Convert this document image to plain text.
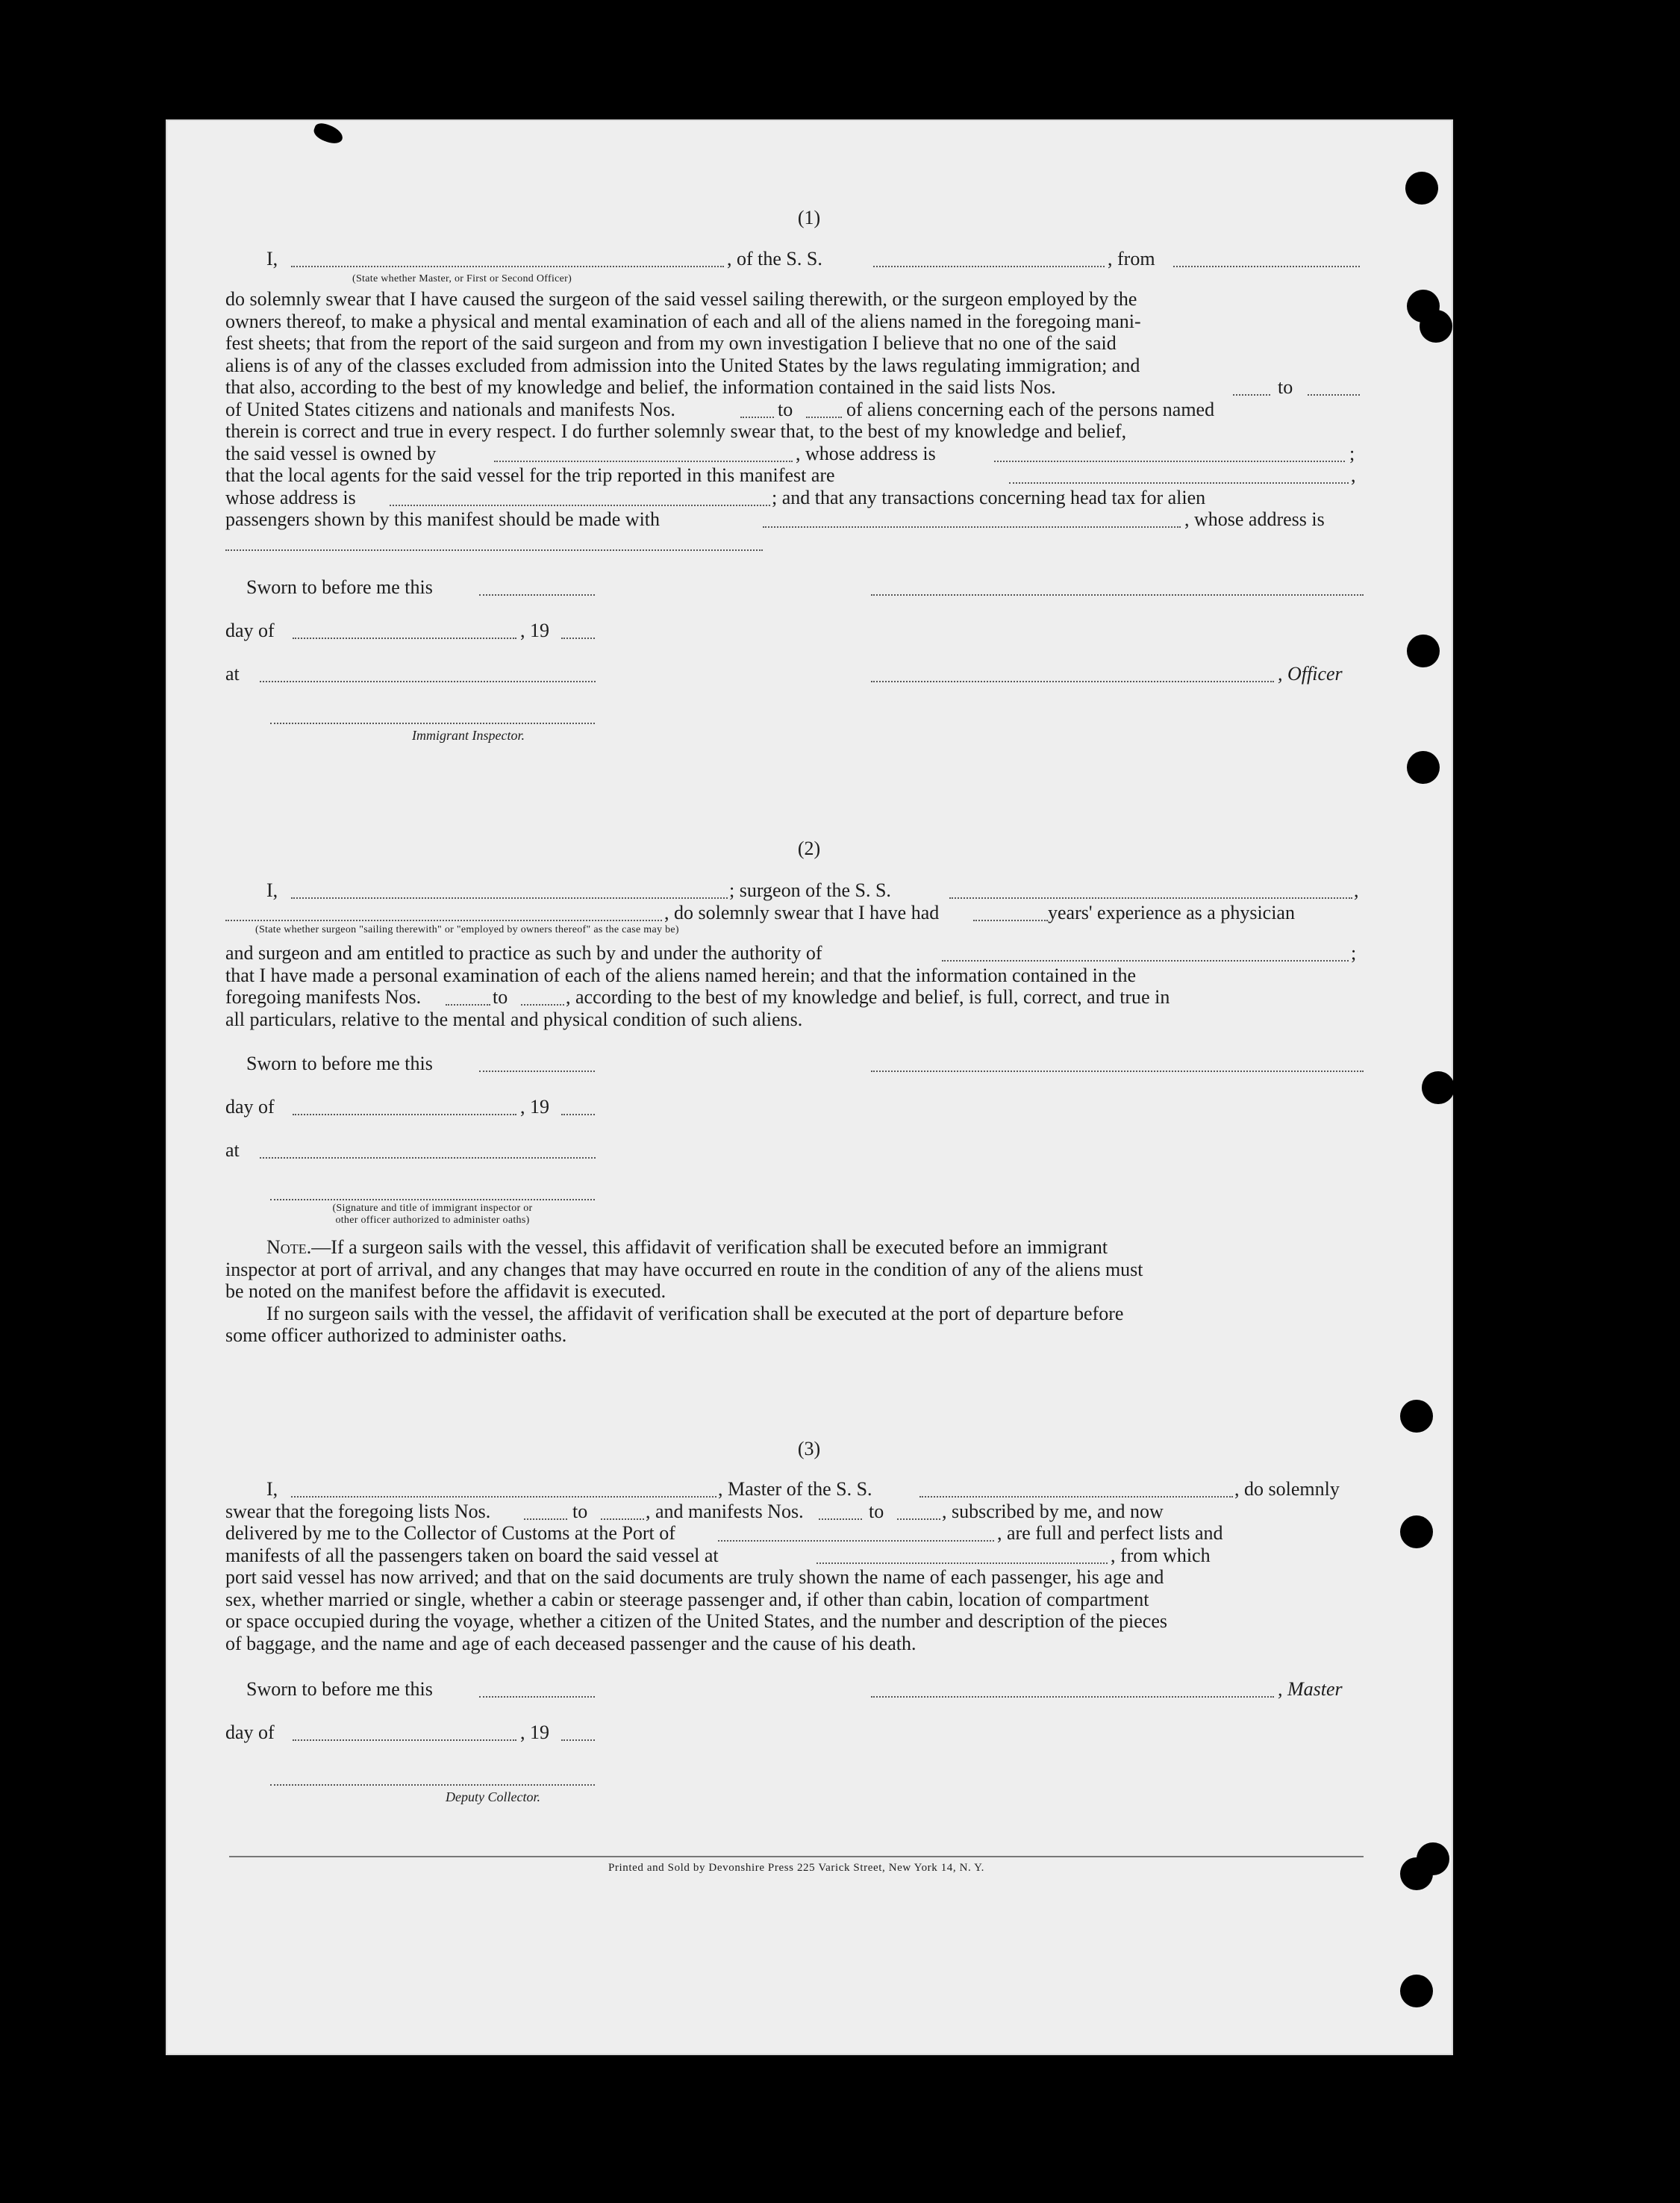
(1)
I,	, of the S. S.	, from
(State whether Master, or First or Second Officer)
do solemnly swear that I have caused the surgeon of the said vessel sailing therewith, or the surgeon employed by the
owners thereof, to make a physical and mental examination of each and all of the aliens named in the foregoing mani-
fest sheets; that from the report of the said surgeon and from my own investigation I believe that no one of the said
aliens is of any of the classes excluded from admission into the United States by the laws regulating immigration; and
that also, according to the best of my knowledge and belief, the information contained in the said lists Nos.	to
of United States citizens and nationals and manifests Nos.	to	of aliens concerning each of the persons named
therein is correct and true in every respect. I do further solemnly swear that, to the best of my knowledge and belief,
the said vessel is owned by	, whose address is	;
that the local agents for the said vessel for the trip reported in this manifest are	,
whose address is	; and that any transactions concerning head tax for alien
passengers shown by this manifest should be made with	, whose address is
Sworn to before me this
day of	, 19
at	, Officer
Immigrant Inspector.
(2)
I,	; surgeon of the S. S.	,
, do solemnly swear that I have had	years' experience as a physician
(State whether surgeon "sailing therewith" or "employed by owners thereof" as the case may be)
and surgeon and am entitled to practice as such by and under the authority of	;
that I have made a personal examination of each of the aliens named herein; and that the information contained in the
foregoing manifests Nos.	to	, according to the best of my knowledge and belief, is full, correct, and true in
all particulars, relative to the mental and physical condition of such aliens.
Sworn to before me this
day of	, 19
at
(Signature and title of immigrant inspector or
other officer authorized to administer oaths)
Note.—If a surgeon sails with the vessel, this affidavit of verification shall be executed before an immigrant
inspector at port of arrival, and any changes that may have occurred en route in the condition of any of the aliens must
be noted on the manifest before the affidavit is executed.
If no surgeon sails with the vessel, the affidavit of verification shall be executed at the port of departure before
some officer authorized to administer oaths.
(3)
I,	, Master of the S. S.	, do solemnly
swear that the foregoing lists Nos.	to	, and manifests Nos.	to	, subscribed by me, and now
delivered by me to the Collector of Customs at the Port of	, are full and perfect lists and
manifests of all the passengers taken on board the said vessel at	, from which
port said vessel has now arrived; and that on the said documents are truly shown the name of each passenger, his age and
sex, whether married or single, whether a cabin or steerage passenger and, if other than cabin, location of compartment
or space occupied during the voyage, whether a citizen of the United States, and the number and description of the pieces
of baggage, and the name and age of each deceased passenger and the cause of his death.
Sworn to before me this	, Master
day of	, 19
Deputy Collector.
Printed and Sold by Devonshire Press 225 Varick Street, New York 14, N. Y.
